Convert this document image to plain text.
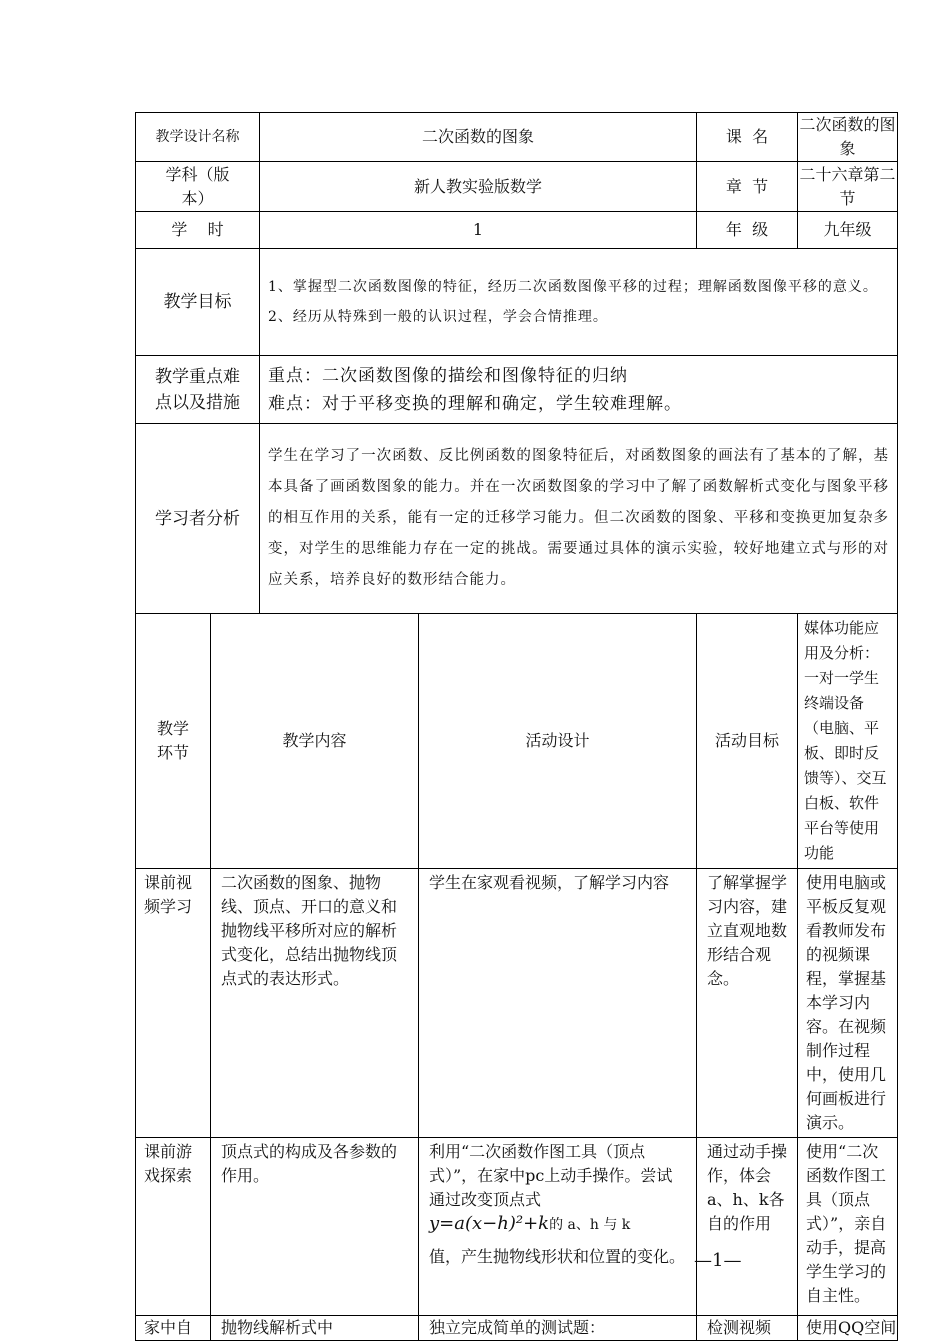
教学设计名称		二次函数的图象		课  名	二次函数的图象
学科（版本）		新人教实验版数学		章  节	二十六章第二节
学    时		1		年  级	九年级
教学目标		1、掌握型二次函数图像的特征，经历二次函数图像平移的过程；理解函数图像平移的意义。
2、经历从特殊到一般的认识过程，学会合情推理。			

教学重点难点以及措施		重点：二次函数图像的描绘和图像特征的归纳
难点：对于平移变换的理解和确定，学生较难理解。			

学习者分析		学生在学习了一次函数、反比例函数的图象特征后，对函数图象的画法有了基本的了解，基本具备了画函数图象的能力。并在一次函数图象的学习中了解了函数解析式变化与图象平移的相互作用的关系，能有一定的迁移学习能力。但二次函数的图象、平移和变换更加复杂多变，对学生的思维能力存在一定的挑战。需要通过具体的演示实验，较好地建立式与形的对应关系，培养良好的数形结合能力。			
教学环节	教学内容		活动设计	活动目标	媒体功能应用及分析：一对一学生终端设备（电脑、平板、即时反馈等）、交互白板、软件平台等使用功能
课前视频学习	二次函数的图象、抛物线、顶点、开口的意义和抛物线平移所对应的解析式变化，总结出抛物线顶点式的表达形式。		学生在家观看视频，了解学习内容	了解掌握学习内容，建立直观地数形结合观念。	使用电脑或平板反复观看教师发布的视频课程，掌握基本学习内容。在视频制作过程中，使用几何画板进行演示。
课前游戏探索	顶点式的构成及各参数的作用。		利用“二次函数作图工具（顶点式）”，在家中pc上动手操作。尝试通过改变顶点式
y=a(x−h)²+k的 a、h 与 k
值，产生抛物线形状和位置的变化。	通过动手操作，体会a、h、k各自的作用	使用“二次函数作图工具（顶点式）”，亲自动手，提高学生学习的自主性。
家中自	抛物线解析式中		独立完成简单的测试题：	检测视频	使用QQ空间
—1—
